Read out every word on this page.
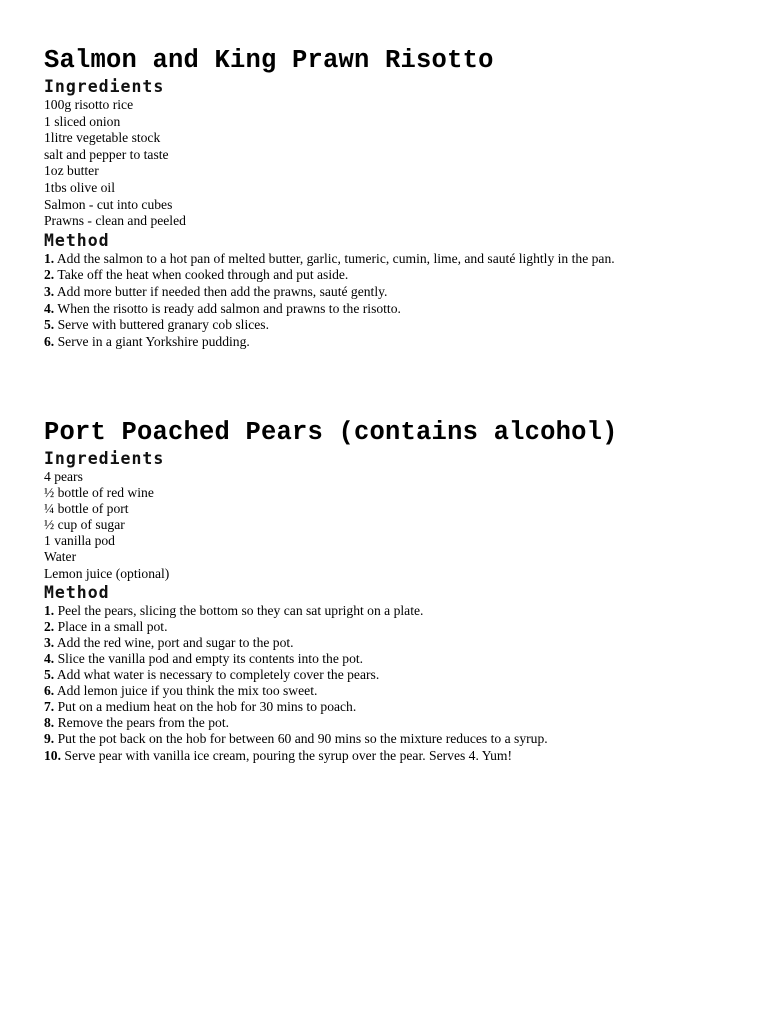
Salmon and King Prawn Risotto
Ingredients
100g risotto rice
1 sliced onion
1litre vegetable stock
salt and pepper to taste
1oz butter
1tbs olive oil
Salmon - cut into cubes
Prawns - clean and peeled
Method
1. Add the salmon to a hot pan of melted butter, garlic, tumeric, cumin, lime, and sauté lightly in the pan.
2. Take off the heat when cooked through and put aside.
3. Add more butter if needed then add the prawns, sauté gently.
4. When the risotto is ready add salmon and prawns to the risotto.
5. Serve with buttered granary cob slices.
6. Serve in a giant Yorkshire pudding.
Port Poached Pears (contains alcohol)
Ingredients
4 pears
½ bottle of red wine
¼ bottle of port
½ cup of sugar
1 vanilla pod
Water
Lemon juice (optional)
Method
1. Peel the pears, slicing the bottom so they can sat upright on a plate.
2. Place in a small pot.
3. Add the red wine, port and sugar to the pot.
4. Slice the vanilla pod and empty its contents into the pot.
5. Add what water is necessary to completely cover the pears.
6. Add lemon juice if you think the mix too sweet.
7. Put on a medium heat on the hob for 30 mins to poach.
8. Remove the pears from the pot.
9. Put the pot back on the hob for between 60 and 90 mins so the mixture reduces to a syrup.
10. Serve pear with vanilla ice cream, pouring the syrup over the pear. Serves 4. Yum!
